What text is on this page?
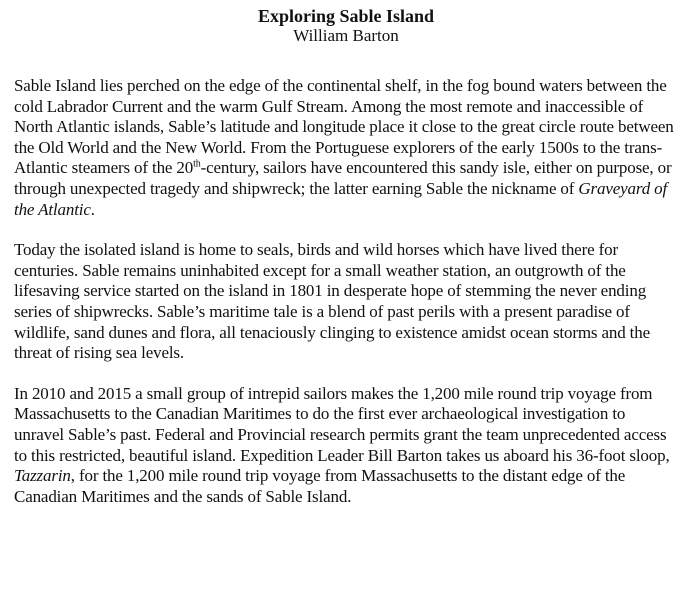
Exploring Sable Island
William Barton

Sable Island lies perched on the edge of the continental shelf, in the fog bound waters between the cold Labrador Current and the warm Gulf Stream. Among the most remote and inaccessible of North Atlantic islands, Sable’s latitude and longitude place it close to the great circle route between the Old World and the New World. From the Portuguese explorers of the early 1500s to the trans-Atlantic steamers of the 20th-century, sailors have encountered this sandy isle, either on purpose, or through unexpected tragedy and shipwreck; the latter earning Sable the nickname of Graveyard of the Atlantic.

Today the isolated island is home to seals, birds and wild horses which have lived there for centuries. Sable remains uninhabited except for a small weather station, an outgrowth of the lifesaving service started on the island in 1801 in desperate hope of stemming the never ending series of shipwrecks. Sable’s maritime tale is a blend of past perils with a present paradise of wildlife, sand dunes and flora, all tenaciously clinging to existence amidst ocean storms and the threat of rising sea levels.

In 2010 and 2015 a small group of intrepid sailors makes the 1,200 mile round trip voyage from Massachusetts to the Canadian Maritimes to do the first ever archaeological investigation to unravel Sable’s past. Federal and Provincial research permits grant the team unprecedented access to this restricted, beautiful island. Expedition Leader Bill Barton takes us aboard his 36-foot sloop, Tazzarin, for the 1,200 mile round trip voyage from Massachusetts to the distant edge of the Canadian Maritimes and the sands of Sable Island.
